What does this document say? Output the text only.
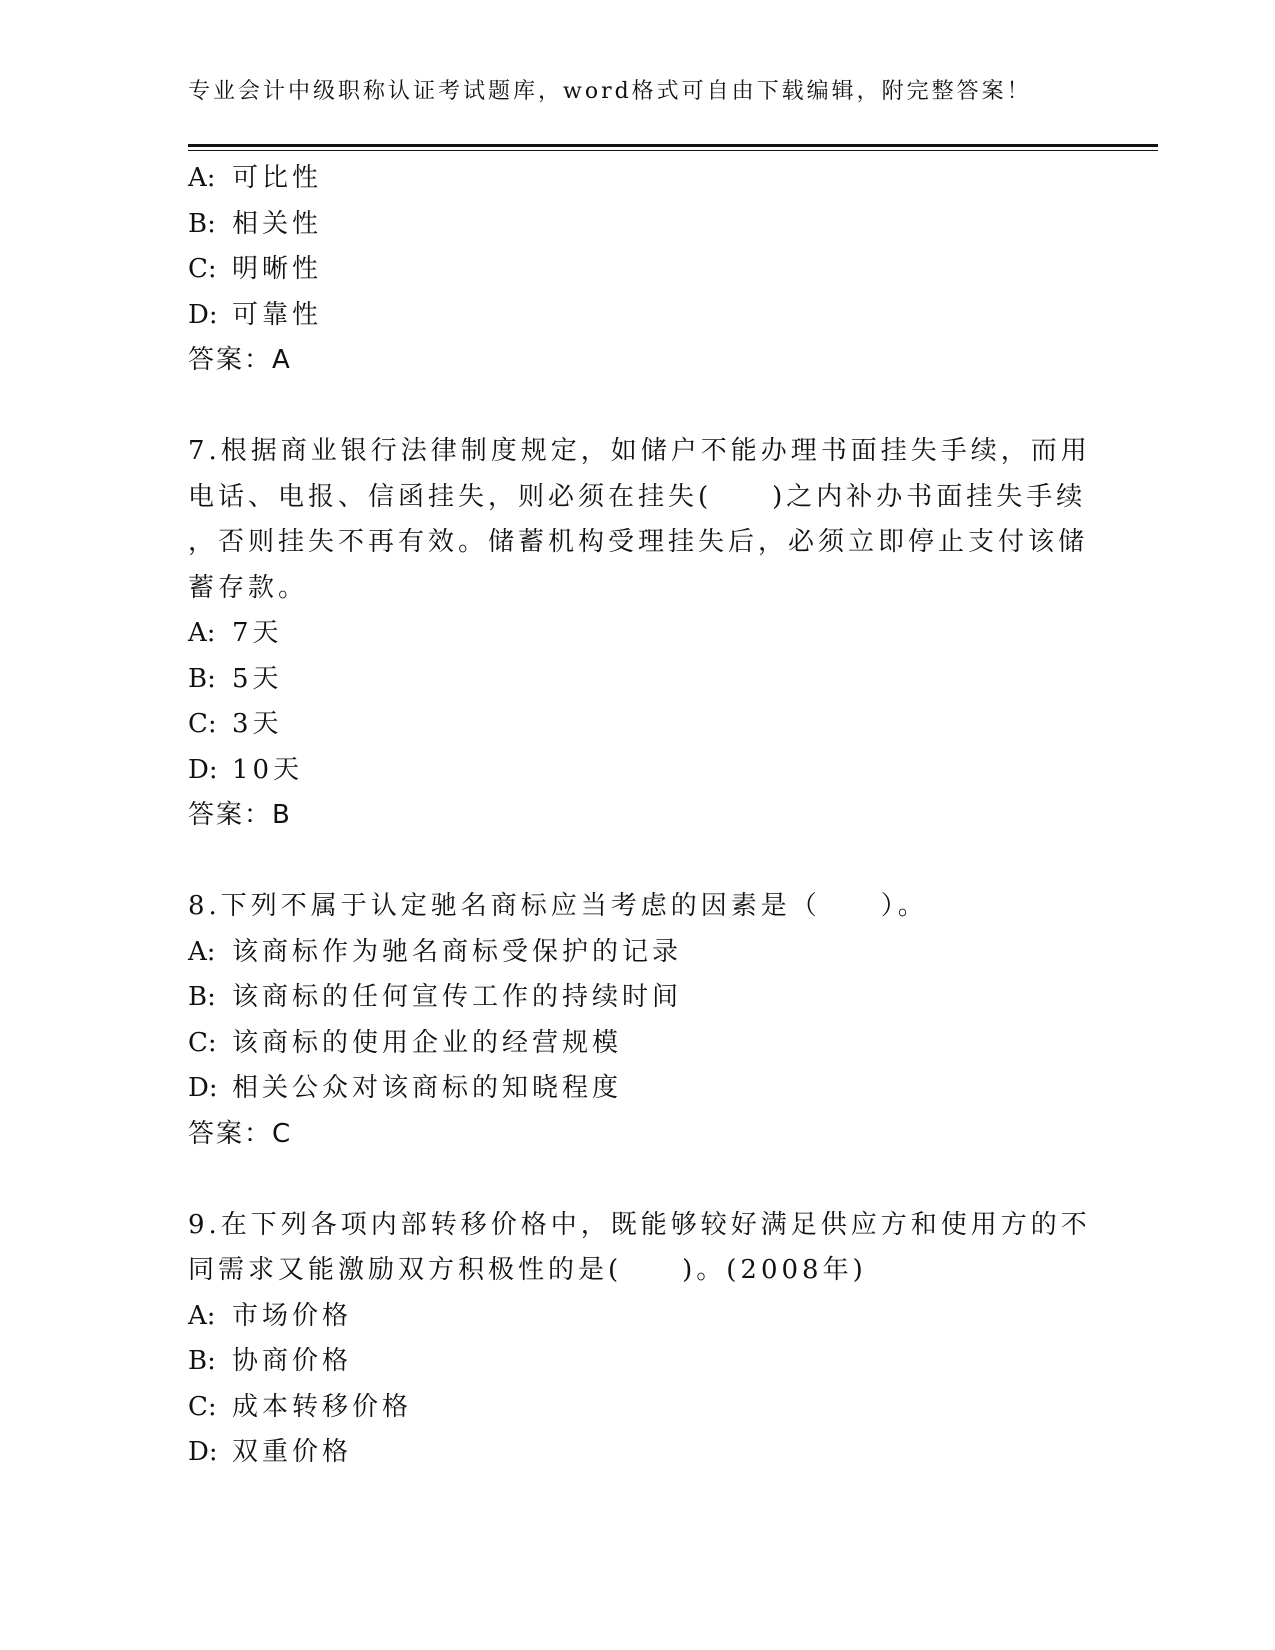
专业会计中级职称认证考试题库，word格式可自由下载编辑，附完整答案！
A: 可比性
B: 相关性
C: 明晰性
D: 可靠性
答案：A
7.根据商业银行法律制度规定，如储户不能办理书面挂失手续，而用
电话、电报、信函挂失，则必须在挂失(　　)之内补办书面挂失手续
，否则挂失不再有效。储蓄机构受理挂失后，必须立即停止支付该储
蓄存款。
A: 7天
B: 5天
C: 3天
D: 10天
答案：B
8.下列不属于认定驰名商标应当考虑的因素是（　　）。
A: 该商标作为驰名商标受保护的记录
B: 该商标的任何宣传工作的持续时间
C: 该商标的使用企业的经营规模
D: 相关公众对该商标的知晓程度
答案：C
9.在下列各项内部转移价格中，既能够较好满足供应方和使用方的不
同需求又能激励双方积极性的是(　　)。(2008年)
A: 市场价格
B: 协商价格
C: 成本转移价格
D: 双重价格
